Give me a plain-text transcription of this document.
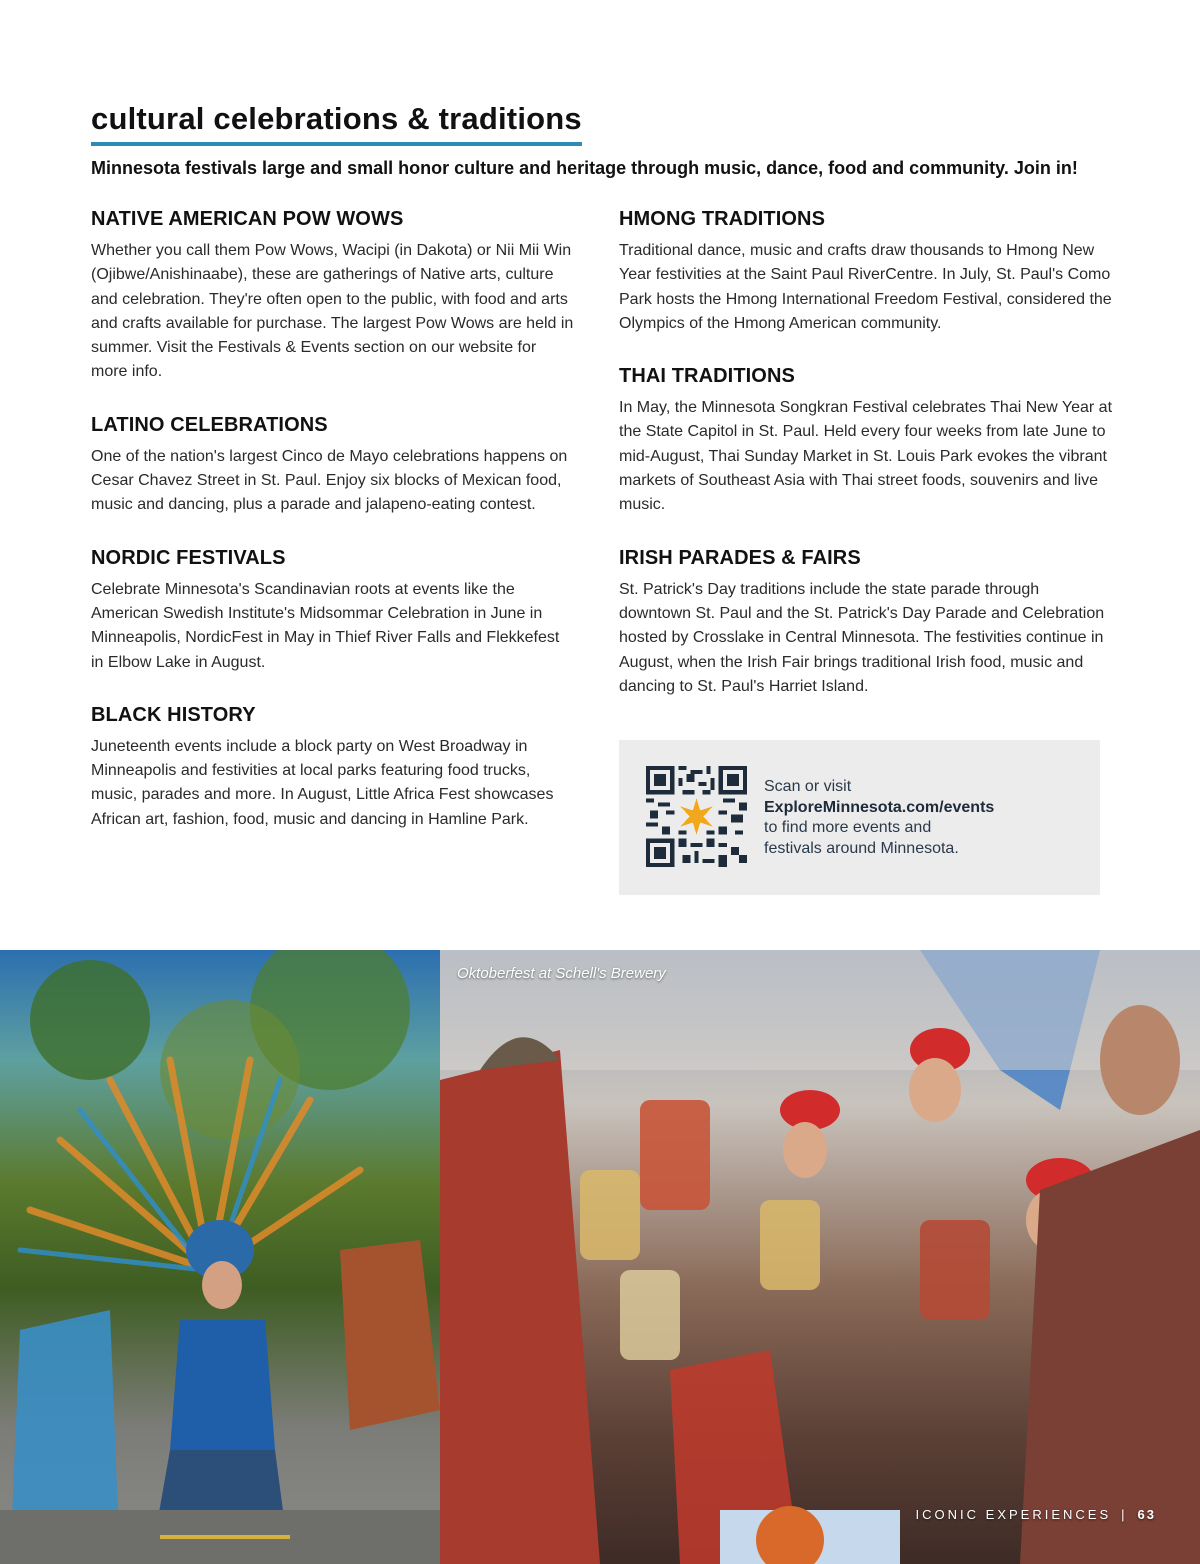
cultural celebrations & traditions

Minnesota festivals large and small honor culture and heritage through music, dance, food and community. Join in!

NATIVE AMERICAN POW WOWS

Whether you call them Pow Wows, Wacipi (in Dakota) or Nii Mii Win (Ojibwe/Anishinaabe), these are gatherings of Native arts, culture and celebration. They're often open to the public, with food and arts and crafts available for purchase. The largest Pow Wows are held in summer. Visit the Festivals & Events section on our website for more info.

LATINO CELEBRATIONS

One of the nation's largest Cinco de Mayo celebrations happens on Cesar Chavez Street in St. Paul. Enjoy six blocks of Mexican food, music and dancing, plus a parade and jalapeno-eating contest.

NORDIC FESTIVALS

Celebrate Minnesota's Scandinavian roots at events like the American Swedish Institute's Midsommar Celebration in June in Minneapolis, NordicFest in May in Thief River Falls and Flekkefest in Elbow Lake in August.

BLACK HISTORY

Juneteenth events include a block party on West Broadway in Minneapolis and festivities at local parks featuring food trucks, music, parades and more. In August, Little Africa Fest showcases African art, fashion, food, music and dancing in Hamline Park.

HMONG TRADITIONS

Traditional dance, music and crafts draw thousands to Hmong New Year festivities at the Saint Paul RiverCentre. In July, St. Paul's Como Park hosts the Hmong International Freedom Festival, considered the Olympics of the Hmong American community.

THAI TRADITIONS

In May, the Minnesota Songkran Festival celebrates Thai New Year at the State Capitol in St. Paul. Held every four weeks from late June to mid-August, Thai Sunday Market in St. Louis Park evokes the vibrant markets of Southeast Asia with Thai street foods, souvenirs and live music.

IRISH PARADES & FAIRS

St. Patrick's Day traditions include the state parade through downtown St. Paul and the St. Patrick's Day Parade and Celebration hosted by Crosslake in Central Minnesota. The festivities continue in August, when the Irish Fair brings traditional Irish food, music and dancing to St. Paul's Harriet Island.

Scan or visit
ExploreMinnesota.com/events
to find more events and
festivals around Minnesota.
Oktoberfest at Schell's Brewery
ICONIC EXPERIENCES | 63
